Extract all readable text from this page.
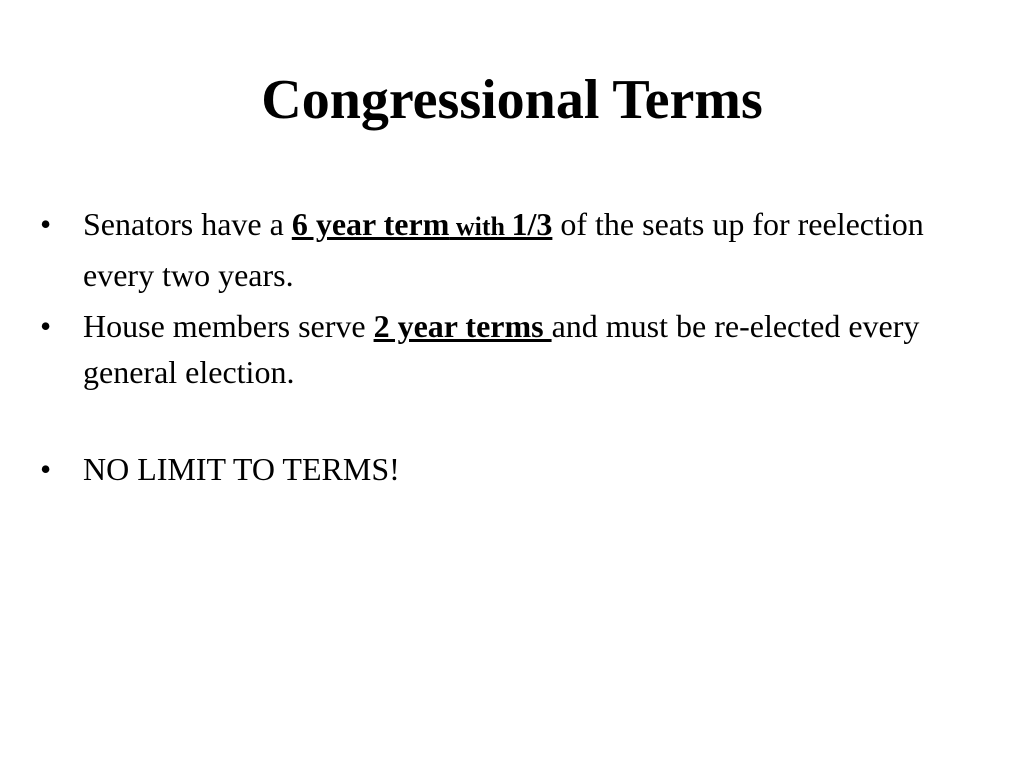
Congressional Terms
• Senators have a 6 year term with 1/3 of the seats up for reelection every two years.
• House members serve 2 year terms and must be re-elected every general election.
• NO LIMIT TO TERMS!
